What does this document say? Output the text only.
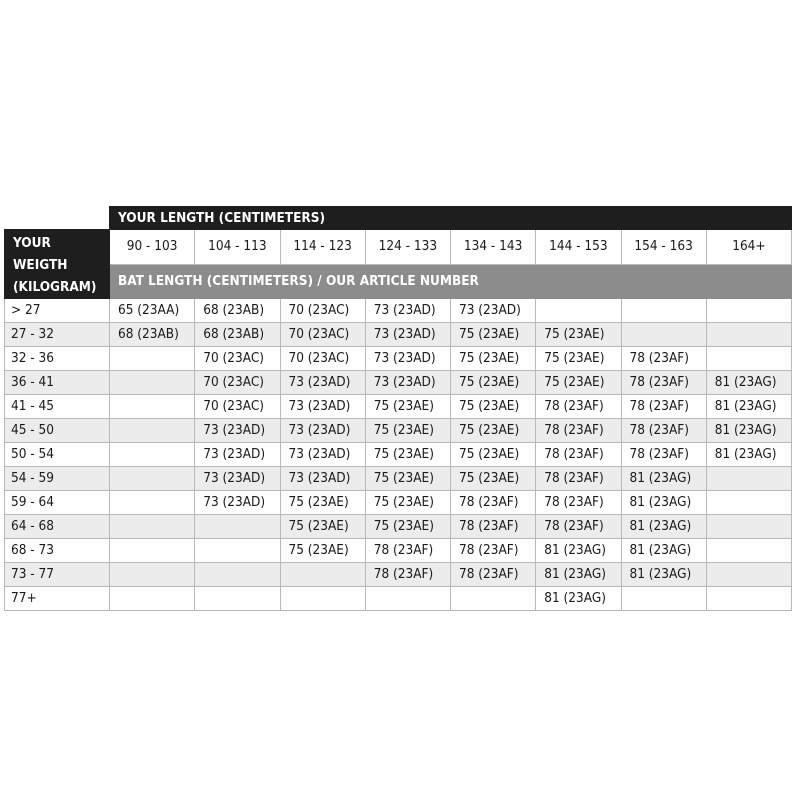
	YOUR LENGTH (CENTIMETERS)							

YOUR WEIGTH
(KILOGRAM)	90 - 103	104 - 113	114 - 123	124 - 133	134 - 143	144 - 153	154 - 163	164+
	BAT LENGTH (CENTIMETERS) / OUR ARTICLE NUMBER							
> 27	65 (23AA)	68 (23AB)	70 (23AC)	73 (23AD)	73 (23AD)			
27 - 32	68 (23AB)	68 (23AB)	70 (23AC)	73 (23AD)	75 (23AE)	75 (23AE)		
32 - 36		70 (23AC)	70 (23AC)	73 (23AD)	75 (23AE)	75 (23AE)	78 (23AF)	
36 - 41		70 (23AC)	73 (23AD)	73 (23AD)	75 (23AE)	75 (23AE)	78 (23AF)	81 (23AG)
41 - 45		70 (23AC)	73 (23AD)	75 (23AE)	75 (23AE)	78 (23AF)	78 (23AF)	81 (23AG)
45 - 50		73 (23AD)	73 (23AD)	75 (23AE)	75 (23AE)	78 (23AF)	78 (23AF)	81 (23AG)
50 - 54		73 (23AD)	73 (23AD)	75 (23AE)	75 (23AE)	78 (23AF)	78 (23AF)	81 (23AG)
54 - 59		73 (23AD)	73 (23AD)	75 (23AE)	75 (23AE)	78 (23AF)	81 (23AG)	
59 - 64		73 (23AD)	75 (23AE)	75 (23AE)	78 (23AF)	78 (23AF)	81 (23AG)	
64 - 68			75 (23AE)	75 (23AE)	78 (23AF)	78 (23AF)	81 (23AG)	
68 - 73			75 (23AE)	78 (23AF)	78 (23AF)	81 (23AG)	81 (23AG)	
73 - 77				78 (23AF)	78 (23AF)	81 (23AG)	81 (23AG)	
77+						81 (23AG)		
